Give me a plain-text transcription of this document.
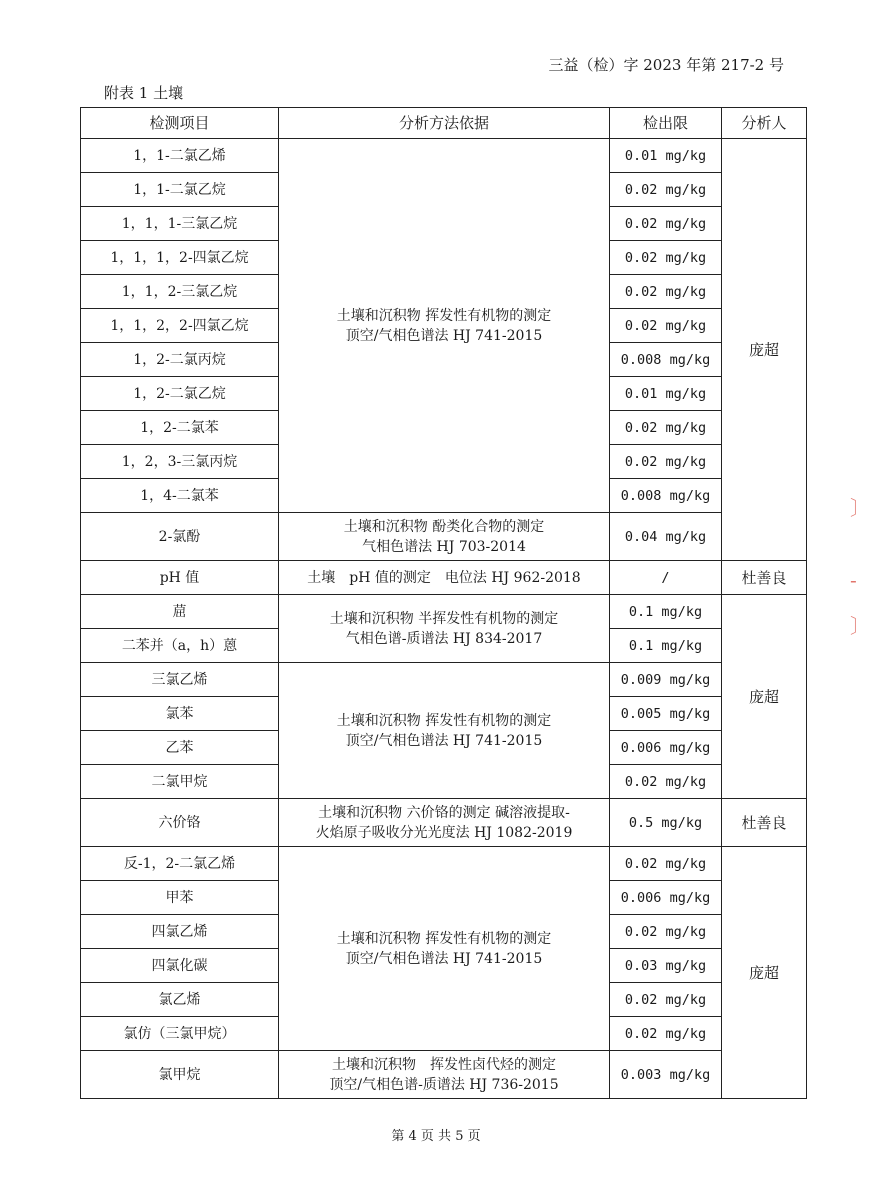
三益（检）字 2023 年第 217-2 号
附表 1 土壤
检测项目	分析方法依据	检出限	分析人
1，1-二氯乙烯	土壤和沉积物 挥发性有机物的测定
顶空/气相色谱法 HJ 741-2015	0.01 mg/kg	庞超
1，1-二氯乙烷		0.02 mg/kg	
1，1，1-三氯乙烷		0.02 mg/kg	
1，1，1，2-四氯乙烷		0.02 mg/kg	
1，1，2-三氯乙烷		0.02 mg/kg	
1，1，2，2-四氯乙烷		0.02 mg/kg	
1，2-二氯丙烷		0.008 mg/kg	
1，2-二氯乙烷		0.01 mg/kg	
1，2-二氯苯		0.02 mg/kg	
1，2，3-三氯丙烷		0.02 mg/kg	
1，4-二氯苯		0.008 mg/kg	
2-氯酚	土壤和沉积物 酚类化合物的测定
气相色谱法 HJ 703-2014	0.04 mg/kg	
pH 值	土壤　pH 值的测定　电位法 HJ 962-2018	/	杜善良
䓛	土壤和沉积物 半挥发性有机物的测定
气相色谱-质谱法 HJ 834-2017	0.1 mg/kg	庞超
二苯并（a，h）蒽		0.1 mg/kg	
三氯乙烯	土壤和沉积物 挥发性有机物的测定
顶空/气相色谱法 HJ 741-2015	0.009 mg/kg	
氯苯		0.005 mg/kg	
乙苯		0.006 mg/kg	
二氯甲烷		0.02 mg/kg	
六价铬	土壤和沉积物 六价铬的测定 碱溶液提取-
火焰原子吸收分光光度法 HJ 1082-2019	0.5 mg/kg	杜善良
反-1，2-二氯乙烯	土壤和沉积物 挥发性有机物的测定
顶空/气相色谱法 HJ 741-2015	0.02 mg/kg	庞超
甲苯		0.006 mg/kg	
四氯乙烯		0.02 mg/kg	
四氯化碳		0.03 mg/kg	
氯乙烯		0.02 mg/kg	
氯仿（三氯甲烷）		0.02 mg/kg	
氯甲烷	土壤和沉积物　挥发性卤代烃的测定
顶空/气相色谱-质谱法 HJ 736-2015	0.003 mg/kg	
第 4 页 共 5 页
〕
-
〕
